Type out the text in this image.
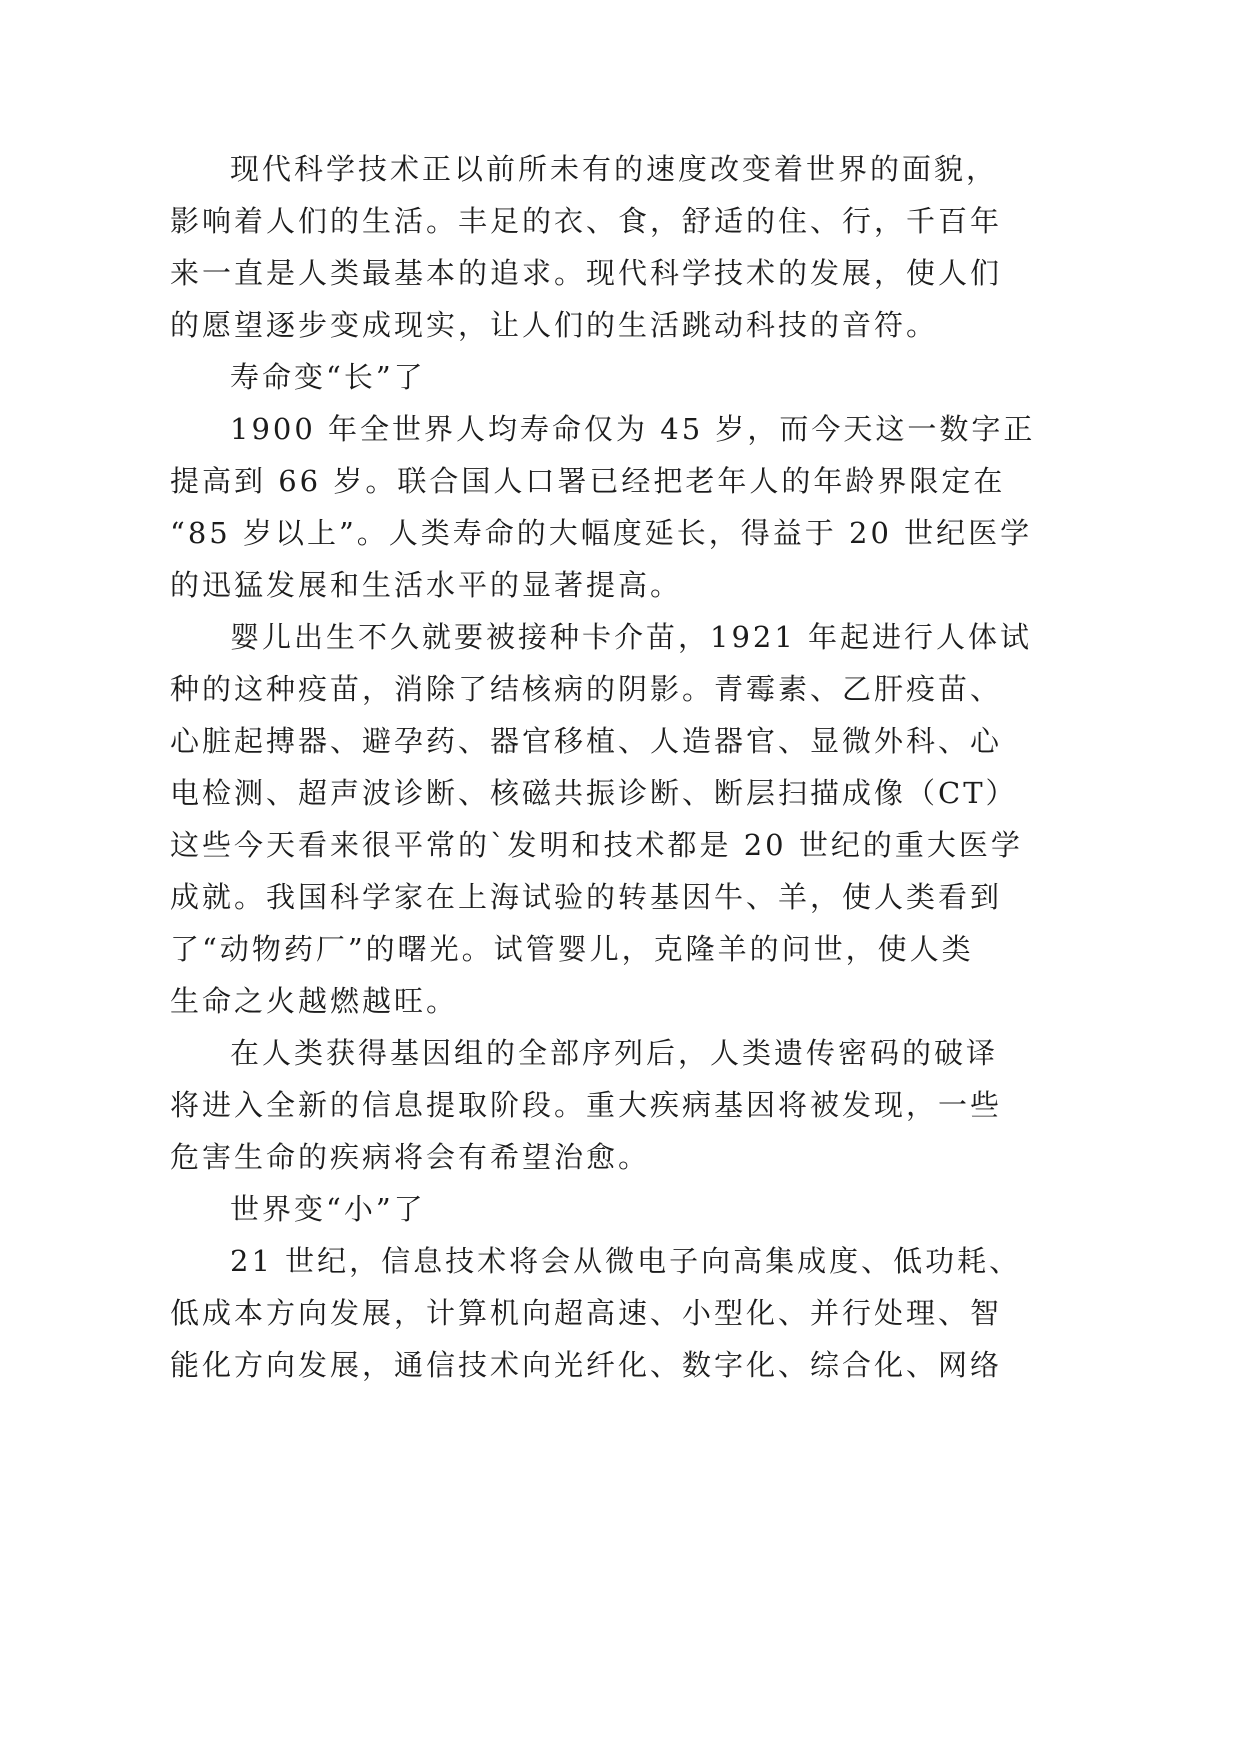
现代科学技术正以前所未有的速度改变着世界的面貌，

影响着人们的生活。丰足的衣、食，舒适的住、行，千百年

来一直是人类最基本的追求。现代科学技术的发展，使人们

的愿望逐步变成现实，让人们的生活跳动科技的音符。

寿命变“长”了

1900 年全世界人均寿命仅为 45 岁，而今天这一数字正

提高到 66 岁。联合国人口署已经把老年人的年龄界限定在

“85 岁以上”。人类寿命的大幅度延长，得益于 20 世纪医学

的迅猛发展和生活水平的显著提高。

婴儿出生不久就要被接种卡介苗，1921 年起进行人体试

种的这种疫苗，消除了结核病的阴影。青霉素、乙肝疫苗、

心脏起搏器、避孕药、器官移植、人造器官、显微外科、心

电检测、超声波诊断、核磁共振诊断、断层扫描成像（CT）

这些今天看来很平常的`发明和技术都是 20 世纪的重大医学

成就。我国科学家在上海试验的转基因牛、羊，使人类看到

了“动物药厂”的曙光。试管婴儿，克隆羊的问世，使人类

生命之火越燃越旺。

在人类获得基因组的全部序列后，人类遗传密码的破译

将进入全新的信息提取阶段。重大疾病基因将被发现，一些

危害生命的疾病将会有希望治愈。

世界变“小”了

21 世纪，信息技术将会从微电子向高集成度、低功耗、

低成本方向发展，计算机向超高速、小型化、并行处理、智

能化方向发展，通信技术向光纤化、数字化、综合化、网络
